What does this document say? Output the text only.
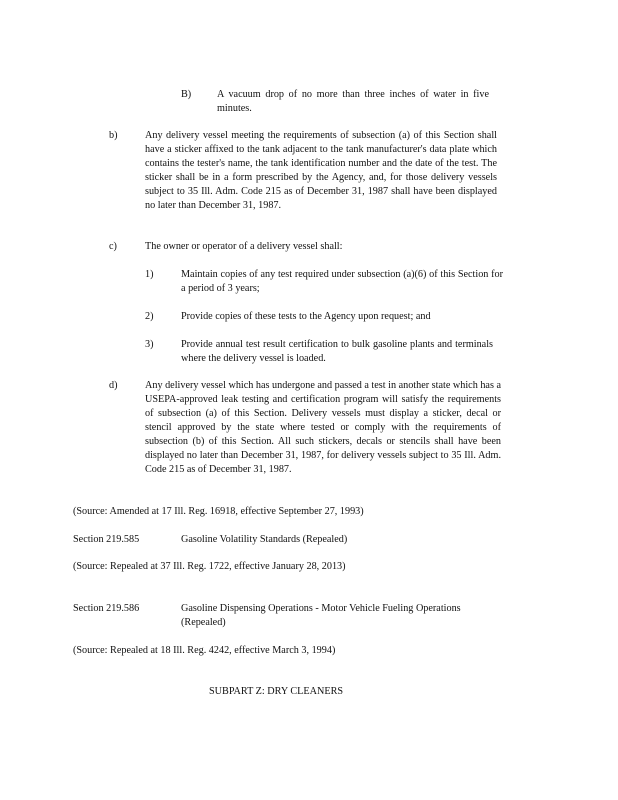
B)	A vacuum drop of no more than three inches of water in five minutes.
b)	Any delivery vessel meeting the requirements of subsection (a) of this Section shall have a sticker affixed to the tank adjacent to the tank manufacturer's data plate which contains the tester's name, the tank identification number and the date of the test. The sticker shall be in a form prescribed by the Agency, and, for those delivery vessels subject to 35 Ill. Adm. Code 215 as of December 31, 1987 shall have been displayed no later than December 31, 1987.
c)	The owner or operator of a delivery vessel shall:
1)	Maintain copies of any test required under subsection (a)(6) of this Section for a period of 3 years;
2)	Provide copies of these tests to the Agency upon request; and
3)	Provide annual test result certification to bulk gasoline plants and terminals where the delivery vessel is loaded.
d)	Any delivery vessel which has undergone and passed a test in another state which has a USEPA-approved leak testing and certification program will satisfy the requirements of subsection (a) of this Section. Delivery vessels must display a sticker, decal or stencil approved by the state where tested or comply with the requirements of subsection (b) of this Section. All such stickers, decals or stencils shall have been displayed no later than December 31, 1987, for delivery vessels subject to 35 Ill. Adm. Code 215 as of December 31, 1987.
(Source: Amended at 17 Ill. Reg. 16918, effective September 27, 1993)
Section 219.585	Gasoline Volatility Standards (Repealed)
(Source: Repealed at 37 Ill. Reg. 1722, effective January 28, 2013)
Section 219.586	Gasoline Dispensing Operations - Motor Vehicle Fueling Operations (Repealed)
(Source: Repealed at 18 Ill. Reg. 4242, effective March 3, 1994)
SUBPART Z: DRY CLEANERS
